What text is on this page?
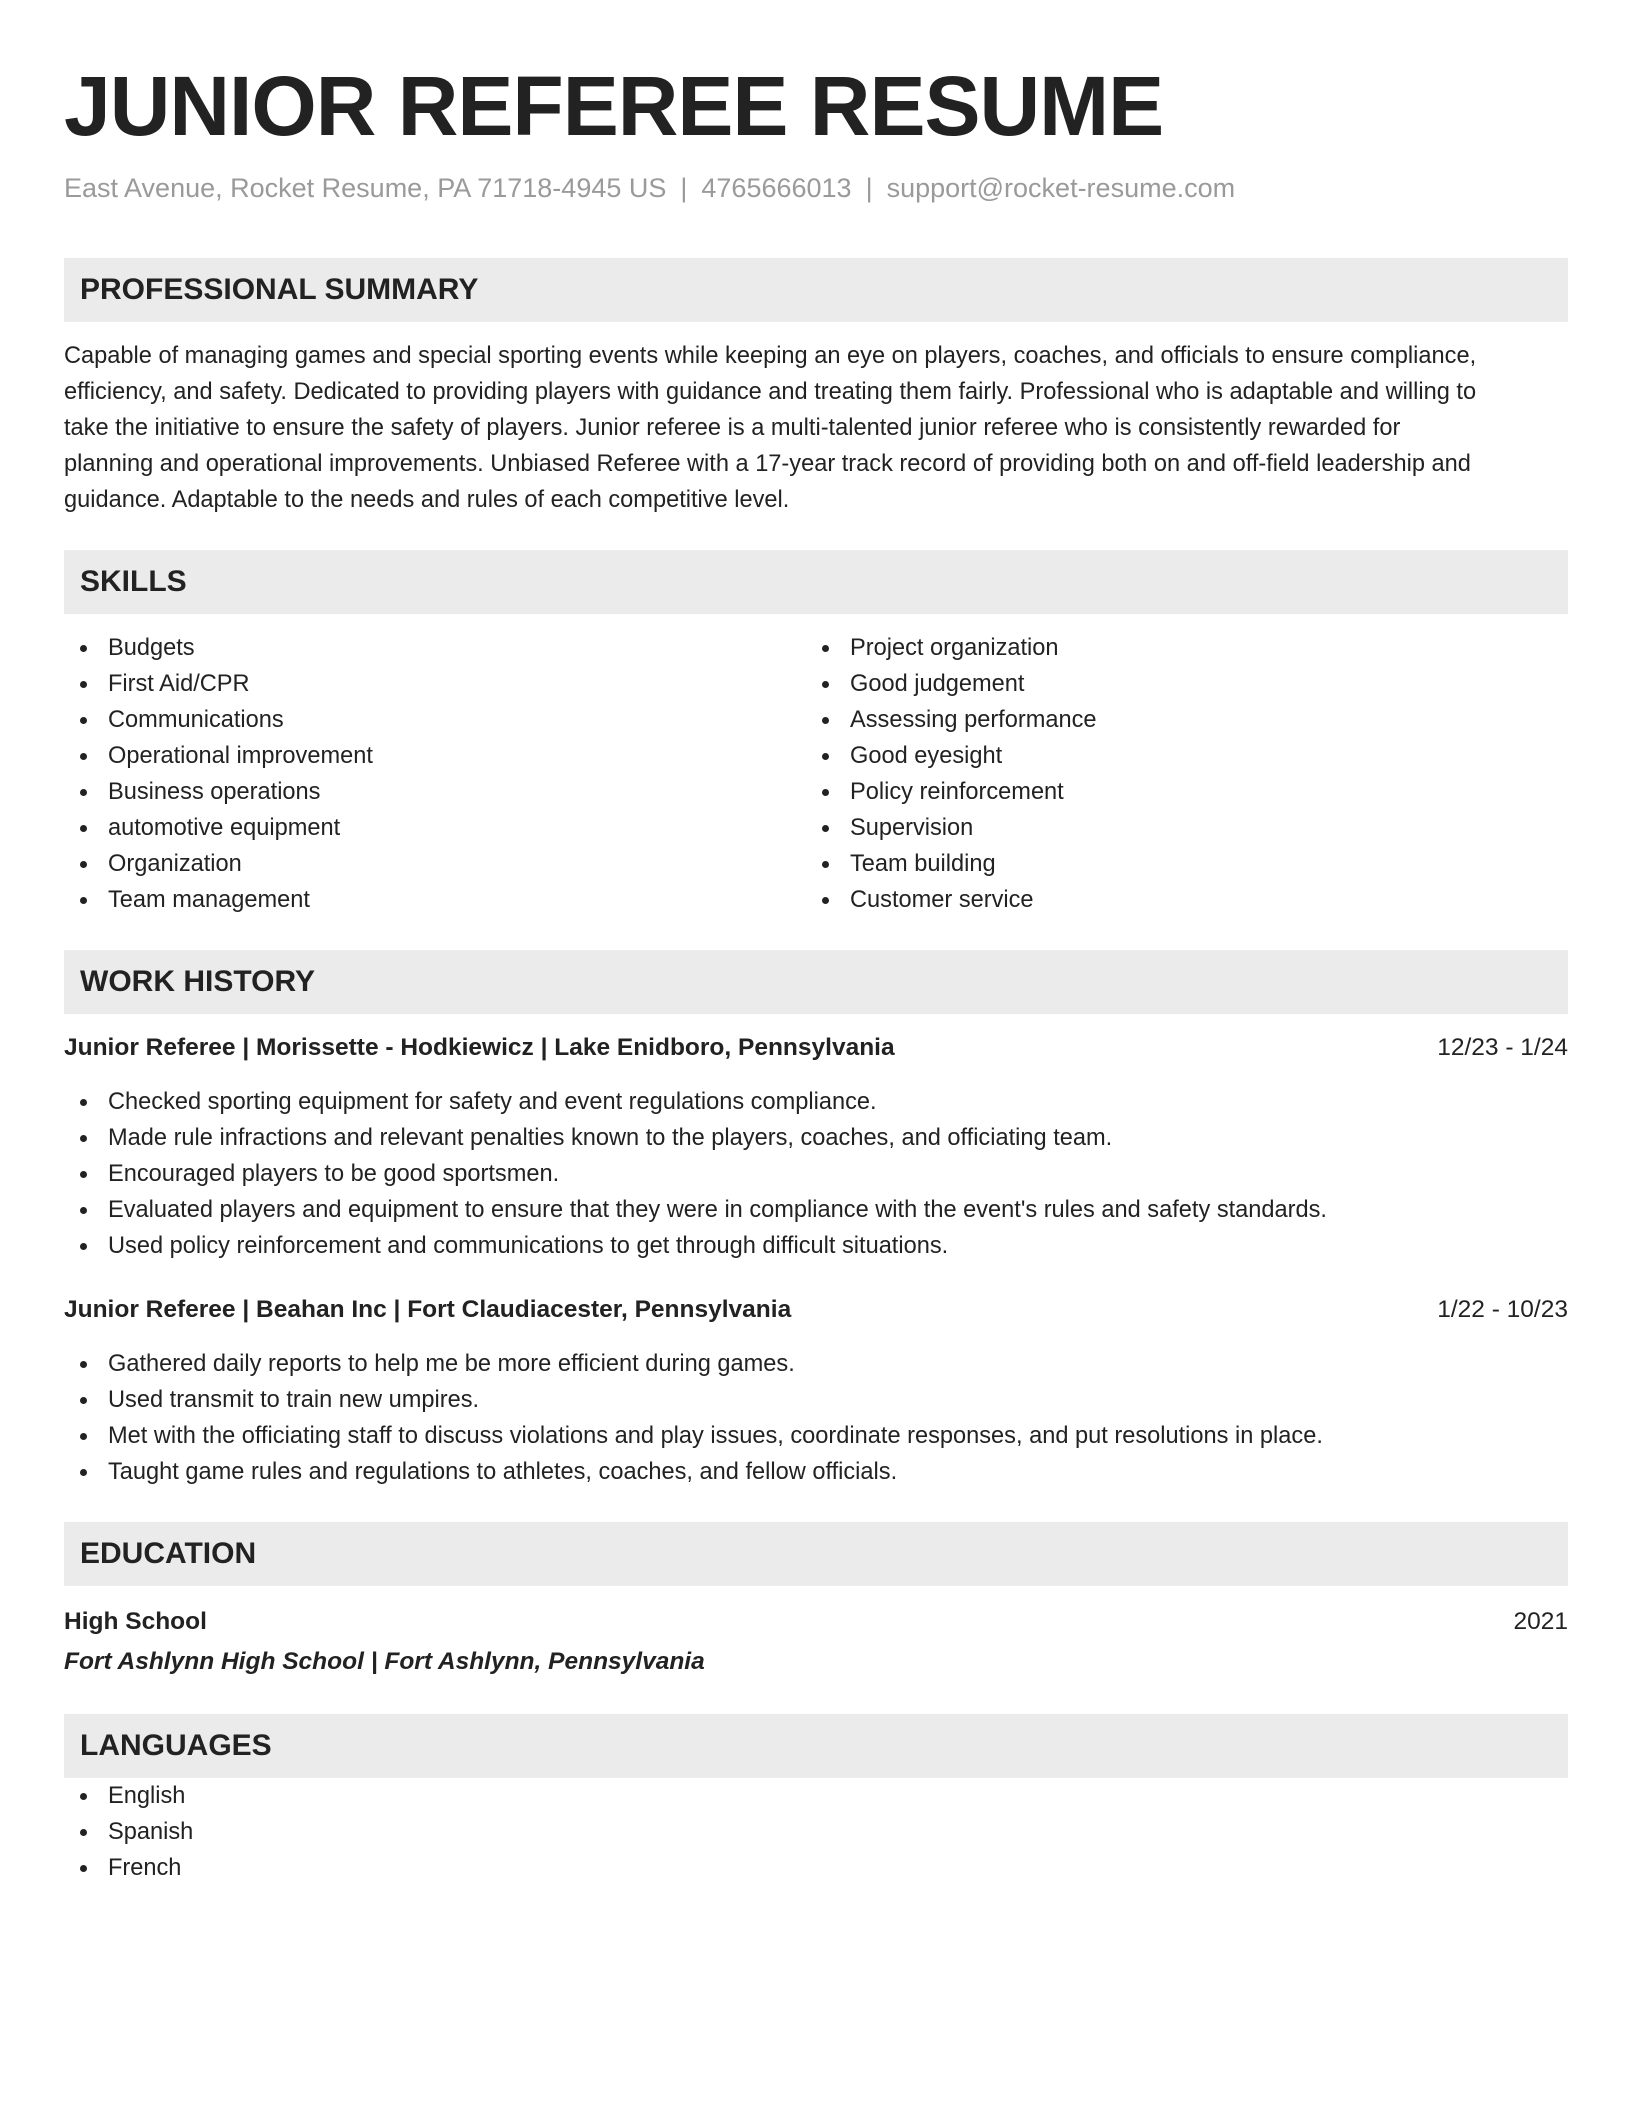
JUNIOR REFEREE RESUME
East Avenue, Rocket Resume, PA 71718-4945 US | 4765666013 | support@rocket-resume.com
PROFESSIONAL SUMMARY
Capable of managing games and special sporting events while keeping an eye on players, coaches, and officials to ensure compliance,
efficiency, and safety. Dedicated to providing players with guidance and treating them fairly. Professional who is adaptable and willing to
take the initiative to ensure the safety of players. Junior referee is a multi-talented junior referee who is consistently rewarded for
planning and operational improvements. Unbiased Referee with a 17-year track record of providing both on and off-field leadership and
guidance. Adaptable to the needs and rules of each competitive level.
SKILLS
Budgets
First Aid/CPR
Communications
Operational improvement
Business operations
automotive equipment
Organization
Team management
Project organization
Good judgement
Assessing performance
Good eyesight
Policy reinforcement
Supervision
Team building
Customer service
WORK HISTORY
Junior Referee | Morissette - Hodkiewicz | Lake Enidboro, Pennsylvania	12/23 - 1/24
Checked sporting equipment for safety and event regulations compliance.
Made rule infractions and relevant penalties known to the players, coaches, and officiating team.
Encouraged players to be good sportsmen.
Evaluated players and equipment to ensure that they were in compliance with the event's rules and safety standards.
Used policy reinforcement and communications to get through difficult situations.
Junior Referee | Beahan Inc | Fort Claudiacester, Pennsylvania	1/22 - 10/23
Gathered daily reports to help me be more efficient during games.
Used transmit to train new umpires.
Met with the officiating staff to discuss violations and play issues, coordinate responses, and put resolutions in place.
Taught game rules and regulations to athletes, coaches, and fellow officials.
EDUCATION
High School	2021
Fort Ashlynn High School | Fort Ashlynn, Pennsylvania
LANGUAGES
English
Spanish
French
